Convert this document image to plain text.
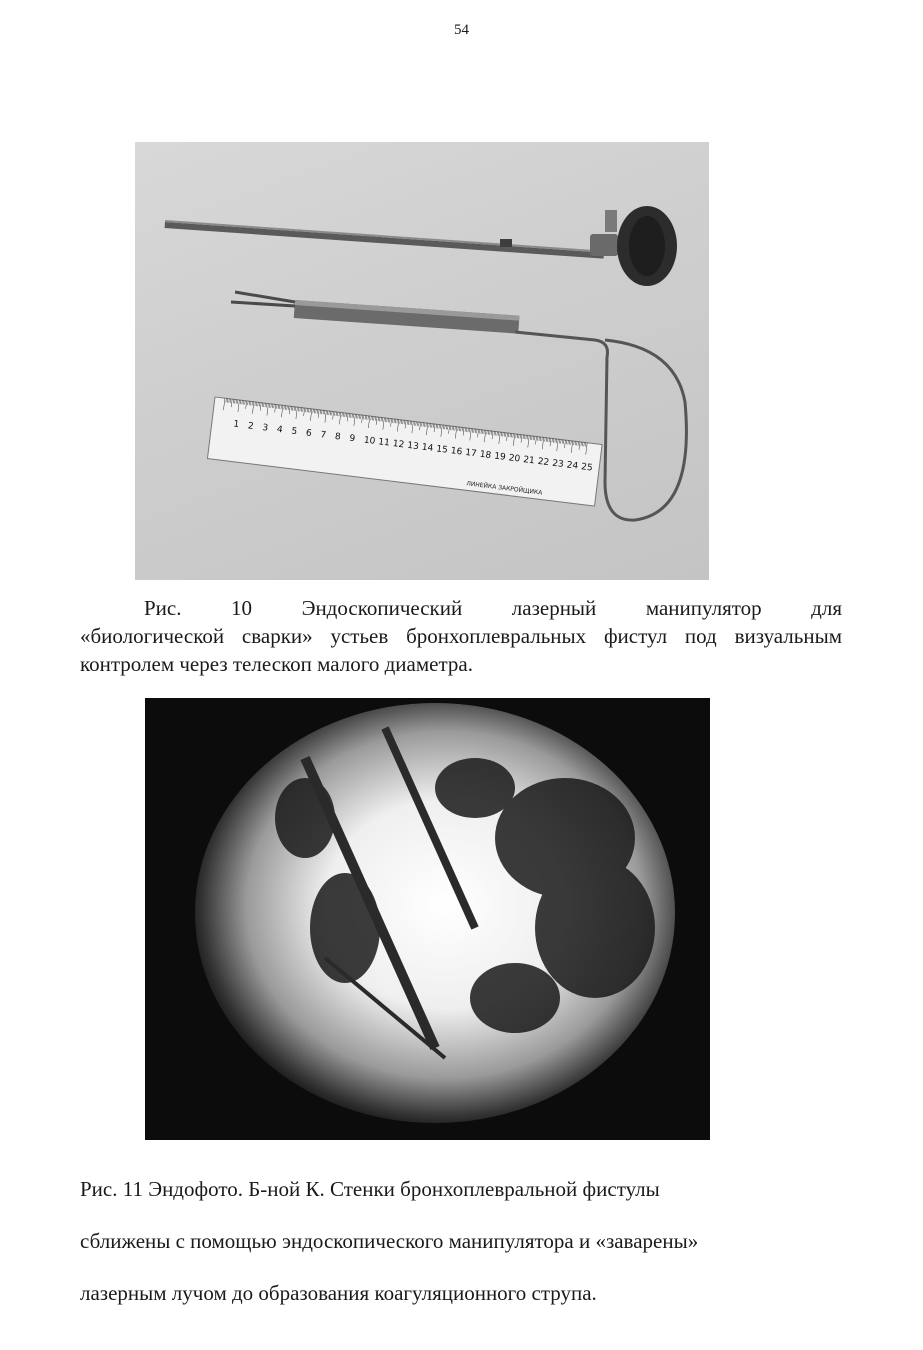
54
1 2 3 4 5 6 7 8 9 10 11 12 13 14 15 16 17 18 19 20 21 22 23 24 25
ЛИНЕЙКА ЗАКРОЙЩИКА
Рис. 10 Эндоскопический лазерный манипулятор для
«биологической сварки» устьев бронхоплевральных фистул под визуальным контролем через телескоп малого диаметра.
Рис. 11 Эндофото. Б-ной К. Стенки бронхоплевральной фистулы
сближены с помощью эндоскопического манипулятора и «заварены»
лазерным лучом до образования коагуляционного струпа.
